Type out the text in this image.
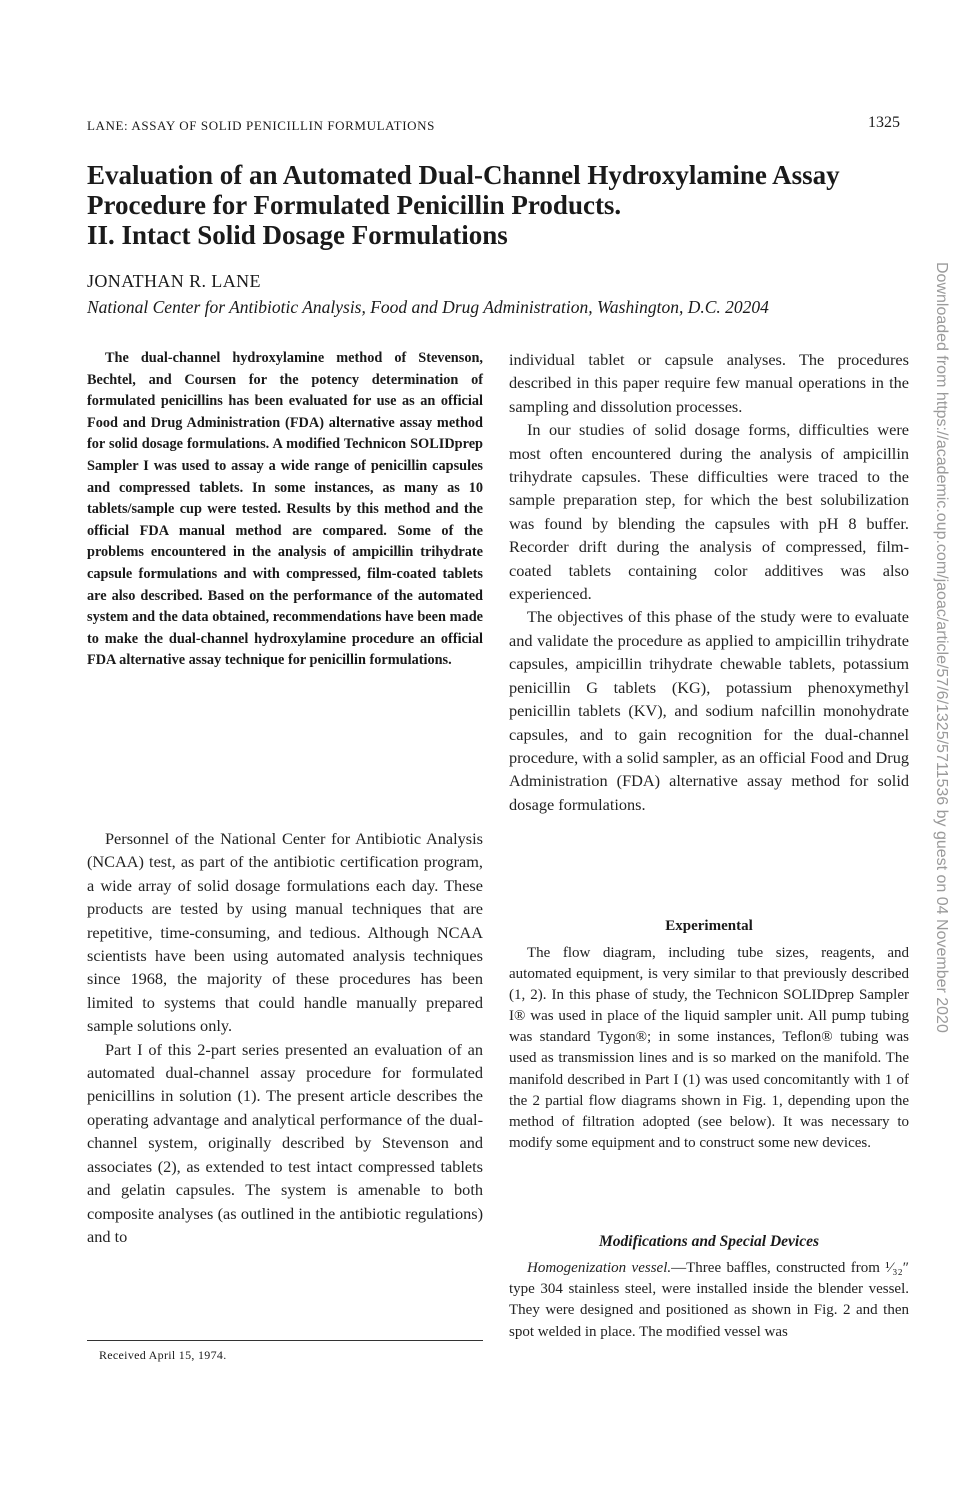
LANE: ASSAY OF SOLID PENICILLIN FORMULATIONS	1325
Evaluation of an Automated Dual-Channel Hydroxylamine Assay
Procedure for Formulated Penicillin Products.
II. Intact Solid Dosage Formulations
JONATHAN R. LANE
National Center for Antibiotic Analysis, Food and Drug Administration, Washington, D.C. 20204

The dual-channel hydroxylamine method of Stevenson, Bechtel, and Coursen for the potency determination of formulated penicillins has been evaluated for use as an official Food and Drug Administration (FDA) alternative assay method for solid dosage formulations. A modified Technicon SOLIDprep Sampler I was used to assay a wide range of penicillin capsules and compressed tablets. In some instances, as many as 10 tablets/sample cup were tested. Results by this method and the official FDA manual method are compared. Some of the problems encountered in the analysis of ampicillin trihydrate capsule formulations and with compressed, film-coated tablets are also described. Based on the performance of the automated system and the data obtained, recommendations have been made to make the dual-channel hydroxylamine procedure an official FDA alternative assay technique for penicillin formulations.

Personnel of the National Center for Antibiotic Analysis (NCAA) test, as part of the antibiotic certification program, a wide array of solid dosage formulations each day. These products are tested by using manual techniques that are repetitive, time-consuming, and tedious. Although NCAA scientists have been using automated analysis techniques since 1968, the majority of these procedures has been limited to systems that could handle manually prepared sample solutions only.

Part I of this 2-part series presented an evaluation of an automated dual-channel assay procedure for formulated penicillins in solution (1). The present article describes the operating advantage and analytical performance of the dual-channel system, originally described by Stevenson and associates (2), as extended to test intact compressed tablets and gelatin capsules. The system is amenable to both composite analyses (as outlined in the antibiotic regulations) and to

individual tablet or capsule analyses. The procedures described in this paper require few manual operations in the sampling and dissolution processes.

In our studies of solid dosage forms, difficulties were most often encountered during the analysis of ampicillin trihydrate capsules. These difficulties were traced to the sample preparation step, for which the best solubilization was found by blending the capsules with pH 8 buffer. Recorder drift during the analysis of compressed, film-coated tablets containing color additives was also experienced.

The objectives of this phase of the study were to evaluate and validate the procedure as applied to ampicillin trihydrate capsules, ampicillin trihydrate chewable tablets, potassium penicillin G tablets (KG), potassium phenoxymethyl penicillin tablets (KV), and sodium nafcillin monohydrate capsules, and to gain recognition for the dual-channel procedure, with a solid sampler, as an official Food and Drug Administration (FDA) alternative assay method for solid dosage formulations.

Experimental

The flow diagram, including tube sizes, reagents, and automated equipment, is very similar to that previously described (1, 2). In this phase of study, the Technicon SOLIDprep Sampler I® was used in place of the liquid sampler unit. All pump tubing was standard Tygon®; in some instances, Teflon® tubing was used as transmission lines and is so marked on the manifold. The manifold described in Part I (1) was used concomitantly with 1 of the 2 partial flow diagrams shown in Fig. 1, depending upon the method of filtration adopted (see below). It was necessary to modify some equipment and to construct some new devices.

Modifications and Special Devices

Homogenization vessel.—Three baffles, constructed from ¹⁄₃₂″ type 304 stainless steel, were installed inside the blender vessel. They were designed and positioned as shown in Fig. 2 and then spot welded in place. The modified vessel was

Received April 15, 1974.
Downloaded from https://academic.oup.com/jaoac/article/57/6/1325/5711536 by guest on 04 November 2020
